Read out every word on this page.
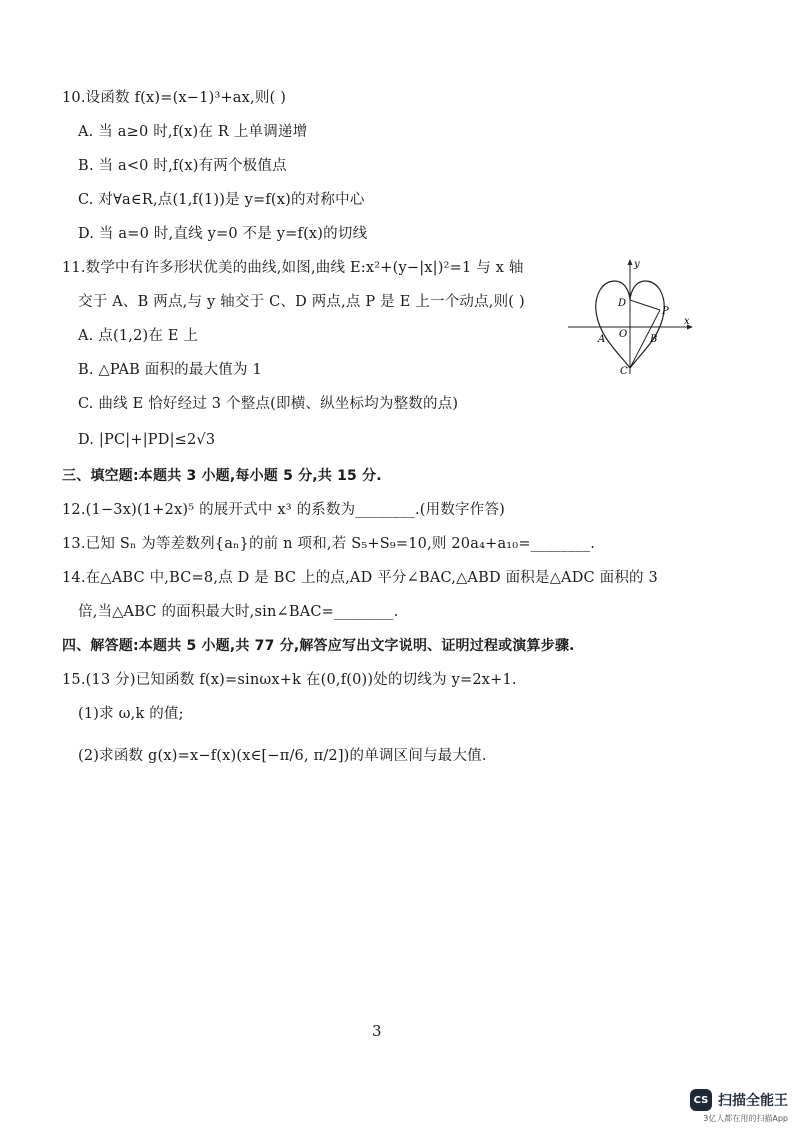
10.设函数 f(x)=(x−1)³+ax,则( )
A. 当 a≥0 时,f(x)在 R 上单调递增
B. 当 a<0 时,f(x)有两个极值点
C. 对∀a∈R,点(1,f(1))是 y=f(x)的对称中心
D. 当 a=0 时,直线 y=0 不是 y=f(x)的切线
11.数学中有许多形状优美的曲线,如图,曲线 E:x²+(y−|x|)²=1 与 x 轴
交于 A、B 两点,与 y 轴交于 C、D 两点,点 P 是 E 上一个动点,则( )
A. 点(1,2)在 E 上
B. △PAB 面积的最大值为 1
C. 曲线 E 恰好经过 3 个整点(即横、纵坐标均为整数的点)
D. |PC|+|PD|≤2√3
y
x
O
A	B
C
D
P
三、填空题:本题共 3 小题,每小题 5 分,共 15 分.
12.(1−3x)(1+2x)⁵ 的展开式中 x³ 的系数为________.(用数字作答)
13.已知 Sₙ 为等差数列{aₙ}的前 n 项和,若 S₅+S₉=10,则 20a₄+a₁₀=________.
14.在△ABC 中,BC=8,点 D 是 BC 上的点,AD 平分∠BAC,△ABD 面积是△ADC 面积的 3
倍,当△ABC 的面积最大时,sin∠BAC=________.
四、解答题:本题共 5 小题,共 77 分,解答应写出文字说明、证明过程或演算步骤.
15.(13 分)已知函数 f(x)=sinωx+k 在(0,f(0))处的切线为 y=2x+1.
(1)求 ω,k 的值;
(2)求函数 g(x)=x−f(x)(x∈[−π/6, π/2])的单调区间与最大值.
3
CS 扫描全能王
3亿人都在用的扫描App
